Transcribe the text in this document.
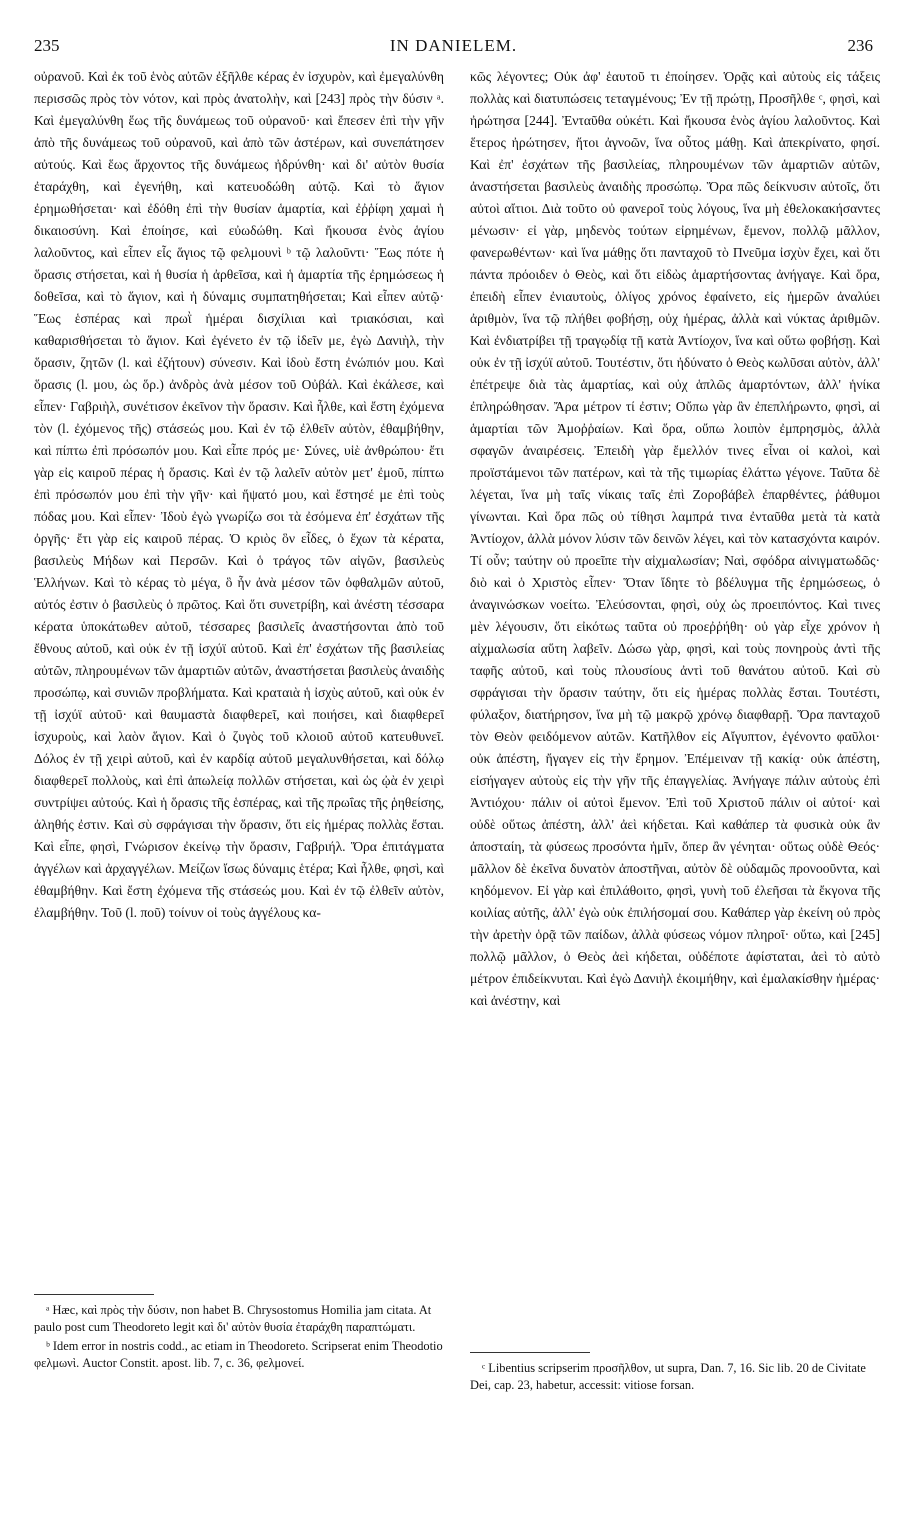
235	IN DANIELEM.	236

οὐρανοῦ. Καὶ ἐκ τοῦ ἑνὸς αὐτῶν ἐξῆλθε κέρας ἐν ἰσχυρὸν, καὶ ἐμεγαλύνθη περισσῶς πρὸς τὸν νότον, καὶ πρὸς ἀνατολὴν, καὶ [243] πρὸς τὴν δύσιν ᵃ. Καὶ ἐμεγαλύνθη ἕως τῆς δυνάμεως τοῦ οὐρανοῦ· καὶ ἔπεσεν ἐπὶ τὴν γῆν ἀπὸ τῆς δυνάμεως τοῦ οὐρανοῦ, καὶ ἀπὸ τῶν ἀστέρων, καὶ συνεπάτησεν αὐτούς. Καὶ ἕως ἄρχοντος τῆς δυνάμεως ἠδρύνθη· καὶ δι' αὐτὸν θυσία ἐταράχθη, καὶ ἐγενήθη, καὶ κατευοδώθη αὐτῷ. Καὶ τὸ ἅγιον ἐρημωθήσεται· καὶ ἐδόθη ἐπὶ τὴν θυσίαν ἁμαρτία, καὶ ἐῤῥίφη χαμαὶ ἡ δικαιοσύνη. Καὶ ἐποίησε, καὶ εὐωδώθη. Καὶ ἤκουσα ἑνὸς ἁγίου λαλοῦντος, καὶ εἶπεν εἷς ἅγιος τῷ φελμουνὶ ᵇ τῷ λαλοῦντι· Ἕως πότε ἡ ὅρασις στήσεται, καὶ ἡ θυσία ἡ ἀρθεῖσα, καὶ ἡ ἁμαρτία τῆς ἐρημώσεως ἡ δοθεῖσα, καὶ τὸ ἅγιον, καὶ ἡ δύναμις συμπατηθήσεται; Καὶ εἶπεν αὐτῷ· Ἕως ἑσπέρας καὶ πρωῒ ἡμέραι δισχίλιαι καὶ τριακόσιαι, καὶ καθαρισθήσεται τὸ ἅγιον. Καὶ ἐγένετο ἐν τῷ ἰδεῖν με, ἐγὼ Δανιὴλ, τὴν ὅρασιν, ζητῶν (l. καὶ ἐζήτουν) σύνεσιν. Καὶ ἰδοὺ ἔστη ἐνώπιόν μου. Καὶ ὅρασις (l. μου, ὡς ὅρ.) ἀνδρὸς ἀνὰ μέσον τοῦ Οὐβάλ. Καὶ ἐκάλεσε, καὶ εἶπεν· Γαβριὴλ, συνέτισον ἐκεῖνον τὴν ὅρασιν. Καὶ ἦλθε, καὶ ἔστη ἐχόμενα τὸν (l. ἐχόμενος τῆς) στάσεώς μου. Καὶ ἐν τῷ ἐλθεῖν αὐτὸν, ἐθαμβήθην, καὶ πίπτω ἐπὶ πρόσωπόν μου. Καὶ εἶπε πρός με· Σύνες, υἱὲ ἀνθρώπου· ἔτι γὰρ εἰς καιροῦ πέρας ἡ ὅρασις. Καὶ ἐν τῷ λαλεῖν αὐτὸν μετ' ἐμοῦ, πίπτω ἐπὶ πρόσωπόν μου ἐπὶ τὴν γῆν· καὶ ἥψατό μου, καὶ ἔστησέ με ἐπὶ τοὺς πόδας μου. Καὶ εἶπεν· Ἰδοὺ ἐγὼ γνωρίζω σοι τὰ ἐσόμενα ἐπ' ἐσχάτων τῆς ὀργῆς· ἔτι γὰρ εἰς καιροῦ πέρας. Ὁ κριὸς ὃν εἶδες, ὁ ἔχων τὰ κέρατα, βασιλεὺς Μήδων καὶ Περσῶν. Καὶ ὁ τράγος τῶν αἰγῶν, βασιλεὺς Ἑλλήνων. Καὶ τὸ κέρας τὸ μέγα, ὃ ἦν ἀνὰ μέσον τῶν ὀφθαλμῶν αὐτοῦ, αὐτός ἐστιν ὁ βασιλεὺς ὁ πρῶτος. Καὶ ὅτι συνετρίβη, καὶ ἀνέστη τέσσαρα κέρατα ὑποκάτωθεν αὐτοῦ, τέσσαρες βασιλεῖς ἀναστήσονται ἀπὸ τοῦ ἔθνους αὐτοῦ, καὶ οὐκ ἐν τῇ ἰσχύϊ αὐτοῦ. Καὶ ἐπ' ἐσχάτων τῆς βασιλείας αὐτῶν, πληρουμένων τῶν ἁμαρτιῶν αὐτῶν, ἀναστήσεται βασιλεὺς ἀναιδὴς προσώπῳ, καὶ συνιῶν προβλήματα. Καὶ κραταιὰ ἡ ἰσχὺς αὐτοῦ, καὶ οὐκ ἐν τῇ ἰσχύϊ αὐτοῦ· καὶ θαυμαστὰ διαφθερεῖ, καὶ ποιήσει, καὶ διαφθερεῖ ἰσχυροὺς, καὶ λαὸν ἅγιον. Καὶ ὁ ζυγὸς τοῦ κλοιοῦ αὐτοῦ κατευθυνεῖ. Δόλος ἐν τῇ χειρὶ αὐτοῦ, καὶ ἐν καρδίᾳ αὐτοῦ μεγαλυνθήσεται, καὶ δόλῳ διαφθερεῖ πολλοὺς, καὶ ἐπὶ ἀπωλείᾳ πολλῶν στήσεται, καὶ ὡς ᾠὰ ἐν χειρὶ συντρίψει αὐτούς. Καὶ ἡ ὅρασις τῆς ἑσπέρας, καὶ τῆς πρωΐας τῆς ῥηθείσης, ἀληθής ἐστιν. Καὶ σὺ σφράγισαι τὴν ὅρασιν, ὅτι εἰς ἡμέρας πολλὰς ἔσται. Καὶ εἶπε, φησὶ, Γνώρισον ἐκείνῳ τὴν ὅρασιν, Γαβριήλ. Ὅρα ἐπιτάγματα ἀγγέλων καὶ ἀρχαγγέλων. Μείζων ἴσως δύναμις ἑτέρα; Καὶ ἦλθε, φησὶ, καὶ ἐθαμβήθην. Καὶ ἔστη ἐχόμενα τῆς στάσεώς μου. Καὶ ἐν τῷ ἐλθεῖν αὐτὸν, ἐλαμβήθην. Τοῦ (l. ποῦ) τοίνυν οἱ τοὺς ἀγγέλους κα-

κῶς λέγοντες; Οὐκ ἀφ' ἑαυτοῦ τι ἐποίησεν. Ὁρᾷς καὶ αὐτοὺς εἰς τάξεις πολλὰς καὶ διατυπώσεις τεταγμένους; Ἐν τῇ πρώτῃ, Προσῆλθε ᶜ, φησὶ, καὶ ἠρώτησα [244]. Ἐνταῦθα οὐκέτι. Καὶ ἤκουσα ἑνὸς ἁγίου λαλοῦντος. Καὶ ἕτερος ἠρώτησεν, ἤτοι ἀγνοῶν, ἵνα οὗτος μάθῃ. Καὶ ἀπεκρίνατο, φησί. Καὶ ἐπ' ἐσχάτων τῆς βασιλείας, πληρουμένων τῶν ἁμαρτιῶν αὐτῶν, ἀναστήσεται βασιλεὺς ἀναιδὴς προσώπῳ. Ὅρα πῶς δείκνυσιν αὐτοῖς, ὅτι αὐτοὶ αἴτιοι. Διὰ τοῦτο οὐ φανεροῖ τοὺς λόγους, ἵνα μὴ ἐθελοκακήσαντες μένωσιν· εἰ γὰρ, μηδενὸς τούτων εἰρημένων, ἔμενον, πολλῷ μᾶλλον, φανερωθέντων· καὶ ἵνα μάθῃς ὅτι πανταχοῦ τὸ Πνεῦμα ἰσχὺν ἔχει, καὶ ὅτι πάντα πρόοιδεν ὁ Θεὸς, καὶ ὅτι εἰδὼς ἁμαρτήσοντας ἀνήγαγε. Καὶ ὅρα, ἐπειδὴ εἶπεν ἐνιαυτοὺς, ὀλίγος χρόνος ἐφαίνετο, εἰς ἡμερῶν ἀναλύει ἀριθμὸν, ἵνα τῷ πλήθει φοβήσῃ, οὐχ ἡμέρας, ἀλλὰ καὶ νύκτας ἀριθμῶν. Καὶ ἐνδιατρίβει τῇ τραγῳδίᾳ τῇ κατὰ Ἀντίοχον, ἵνα καὶ οὕτω φοβήσῃ. Καὶ οὐκ ἐν τῇ ἰσχύϊ αὐτοῦ. Τουτέστιν, ὅτι ἠδύνατο ὁ Θεὸς κωλῦσαι αὐτὸν, ἀλλ' ἐπέτρεψε διὰ τὰς ἁμαρτίας, καὶ οὐχ ἁπλῶς ἁμαρτόντων, ἀλλ' ἡνίκα ἐπληρώθησαν. Ἄρα μέτρον τί ἐστιν; Οὔπω γὰρ ἂν ἐπεπλήρωντο, φησὶ, αἱ ἁμαρτίαι τῶν Ἀμοῤῥαίων. Καὶ ὅρα, οὔπω λοιπὸν ἐμπρησμὸς, ἀλλὰ σφαγῶν ἀναιρέσεις. Ἐπειδὴ γὰρ ἔμελλόν τινες εἶναι οἱ καλοὶ, καὶ προϊστάμενοι τῶν πατέρων, καὶ τὰ τῆς τιμωρίας ἐλάττω γέγονε. Ταῦτα δὲ λέγεται, ἵνα μὴ ταῖς νίκαις ταῖς ἐπὶ Ζοροβάβελ ἐπαρθέντες, ῥάθυμοι γίνωνται. Καὶ ὅρα πῶς οὐ τίθησι λαμπρά τινα ἐνταῦθα μετὰ τὰ κατὰ Ἀντίοχον, ἀλλὰ μόνον λύσιν τῶν δεινῶν λέγει, καὶ τὸν κατασχόντα καιρόν. Τί οὖν; ταύτην οὐ προεῖπε τὴν αἰχμαλωσίαν; Ναὶ, σφόδρα αἰνιγματωδῶς· διὸ καὶ ὁ Χριστὸς εἶπεν· Ὅταν ἴδητε τὸ βδέλυγμα τῆς ἐρημώσεως, ὁ ἀναγινώσκων νοείτω. Ἐλεύσονται, φησὶ, οὐχ ὡς προειπόντος. Καὶ τινες μὲν λέγουσιν, ὅτι εἰκότως ταῦτα οὐ προεῤῥήθη· οὐ γὰρ εἶχε χρόνον ἡ αἰχμαλωσία αὕτη λαβεῖν. Δώσω γὰρ, φησὶ, καὶ τοὺς πονηροὺς ἀντὶ τῆς ταφῆς αὐτοῦ, καὶ τοὺς πλουσίους ἀντὶ τοῦ θανάτου αὐτοῦ. Καὶ σὺ σφράγισαι τὴν ὅρασιν ταύτην, ὅτι εἰς ἡμέρας πολλὰς ἔσται. Τουτέστι, φύλαξον, διατήρησον, ἵνα μὴ τῷ μακρῷ χρόνῳ διαφθαρῇ. Ὅρα πανταχοῦ τὸν Θεὸν φειδόμενον αὐτῶν. Κατῆλθον εἰς Αἴγυπτον, ἐγένοντο φαῦλοι· οὐκ ἀπέστη, ἤγαγεν εἰς τὴν ἔρημον. Ἐπέμειναν τῇ κακίᾳ· οὐκ ἀπέστη, εἰσήγαγεν αὐτοὺς εἰς τὴν γῆν τῆς ἐπαγγελίας. Ἀνήγαγε πάλιν αὐτοὺς ἐπὶ Ἀντιόχου· πάλιν οἱ αὐτοὶ ἔμενον. Ἐπὶ τοῦ Χριστοῦ πάλιν οἱ αὐτοί· καὶ οὐδὲ οὕτως ἀπέστη, ἀλλ' ἀεὶ κήδεται. Καὶ καθάπερ τὰ φυσικὰ οὐκ ἂν ἀποσταίη, τὰ φύσεως προσόντα ἡμῖν, ὅπερ ἂν γένηται· οὕτως οὐδὲ Θεός· μᾶλλον δὲ ἐκεῖνα δυνατὸν ἀποστῆναι, αὐτὸν δὲ οὐδαμῶς προνοοῦντα, καὶ κηδόμενον. Εἰ γὰρ καὶ ἐπιλάθοιτο, φησὶ, γυνὴ τοῦ ἐλεῆσαι τὰ ἔκγονα τῆς κοιλίας αὐτῆς, ἀλλ' ἐγὼ οὐκ ἐπιλήσομαί σου. Καθάπερ γὰρ ἐκείνη οὐ πρὸς τὴν ἀρετὴν ὁρᾷ τῶν παίδων, ἀλλὰ φύσεως νόμον πληροῖ· οὕτω, καὶ [245] πολλῷ μᾶλλον, ὁ Θεὸς ἀεὶ κήδεται, οὐδέποτε ἀφίσταται, ἀεὶ τὸ αὐτὸ μέτρον ἐπιδείκνυται. Καὶ ἐγὼ Δανιὴλ ἐκοιμήθην, καὶ ἐμαλακίσθην ἡμέρας· καὶ ἀνέστην, καὶ

ᵃ Hæc, καὶ πρὸς τὴν δύσιν, non habet B. Chrysostomus Homilia jam citata. At paulo post cum Theodoreto legit καὶ δι' αὐτὸν θυσία ἐταράχθη παραπτώματι.

ᵇ Idem error in nostris codd., ac etiam in Theodoreto. Scripserat enim Theodotio φελμωνὶ. Auctor Constit. apost. lib. 7, c. 36, φελμονεί.	ᶜ Libentius scripserim προσῆλθον, ut supra, Dan. 7, 16. Sic lib. 20 de Civitate Dei, cap. 23, habetur, accessit: vitiose forsan.
